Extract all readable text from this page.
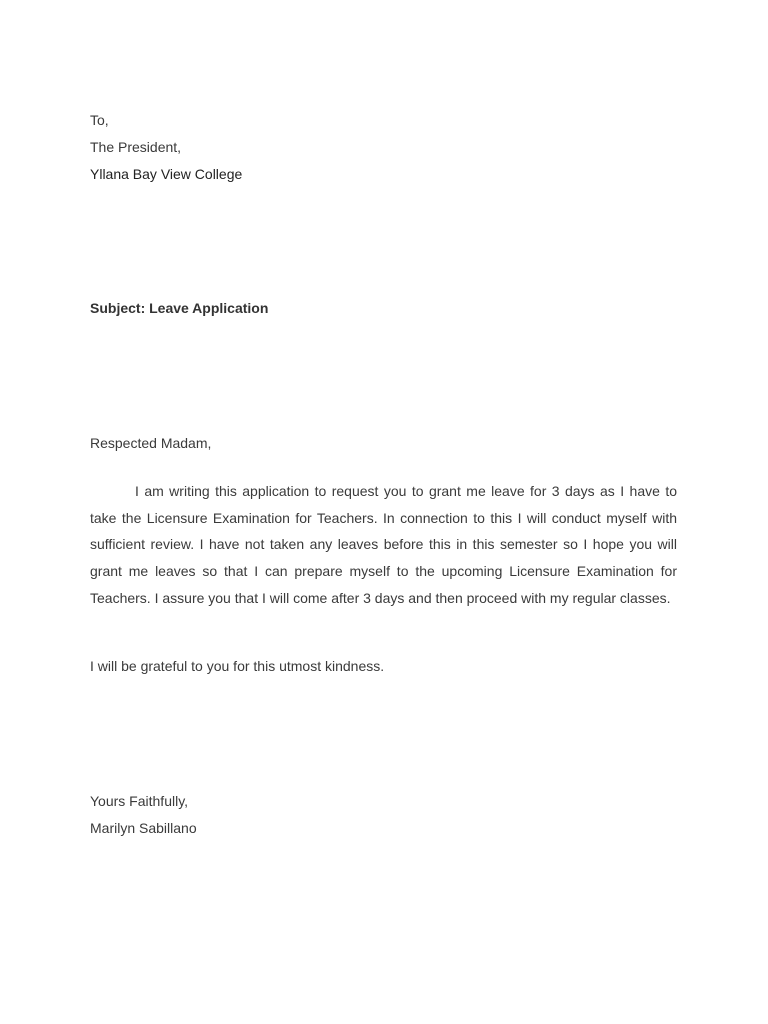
To,
The President,
Yllana Bay View College
Subject: Leave Application
Respected Madam,

I am writing this application to request you to grant me leave for 3 days as I have to take the Licensure Examination for Teachers. In connection to this I will conduct myself with sufficient review. I have not taken any leaves before this in this semester so I hope you will grant me leaves so that I can prepare myself to the upcoming Licensure Examination for Teachers. I assure you that I will come after 3 days and then proceed with my regular classes.

I will be grateful to you for this utmost kindness.
Yours Faithfully,
Marilyn Sabillano
